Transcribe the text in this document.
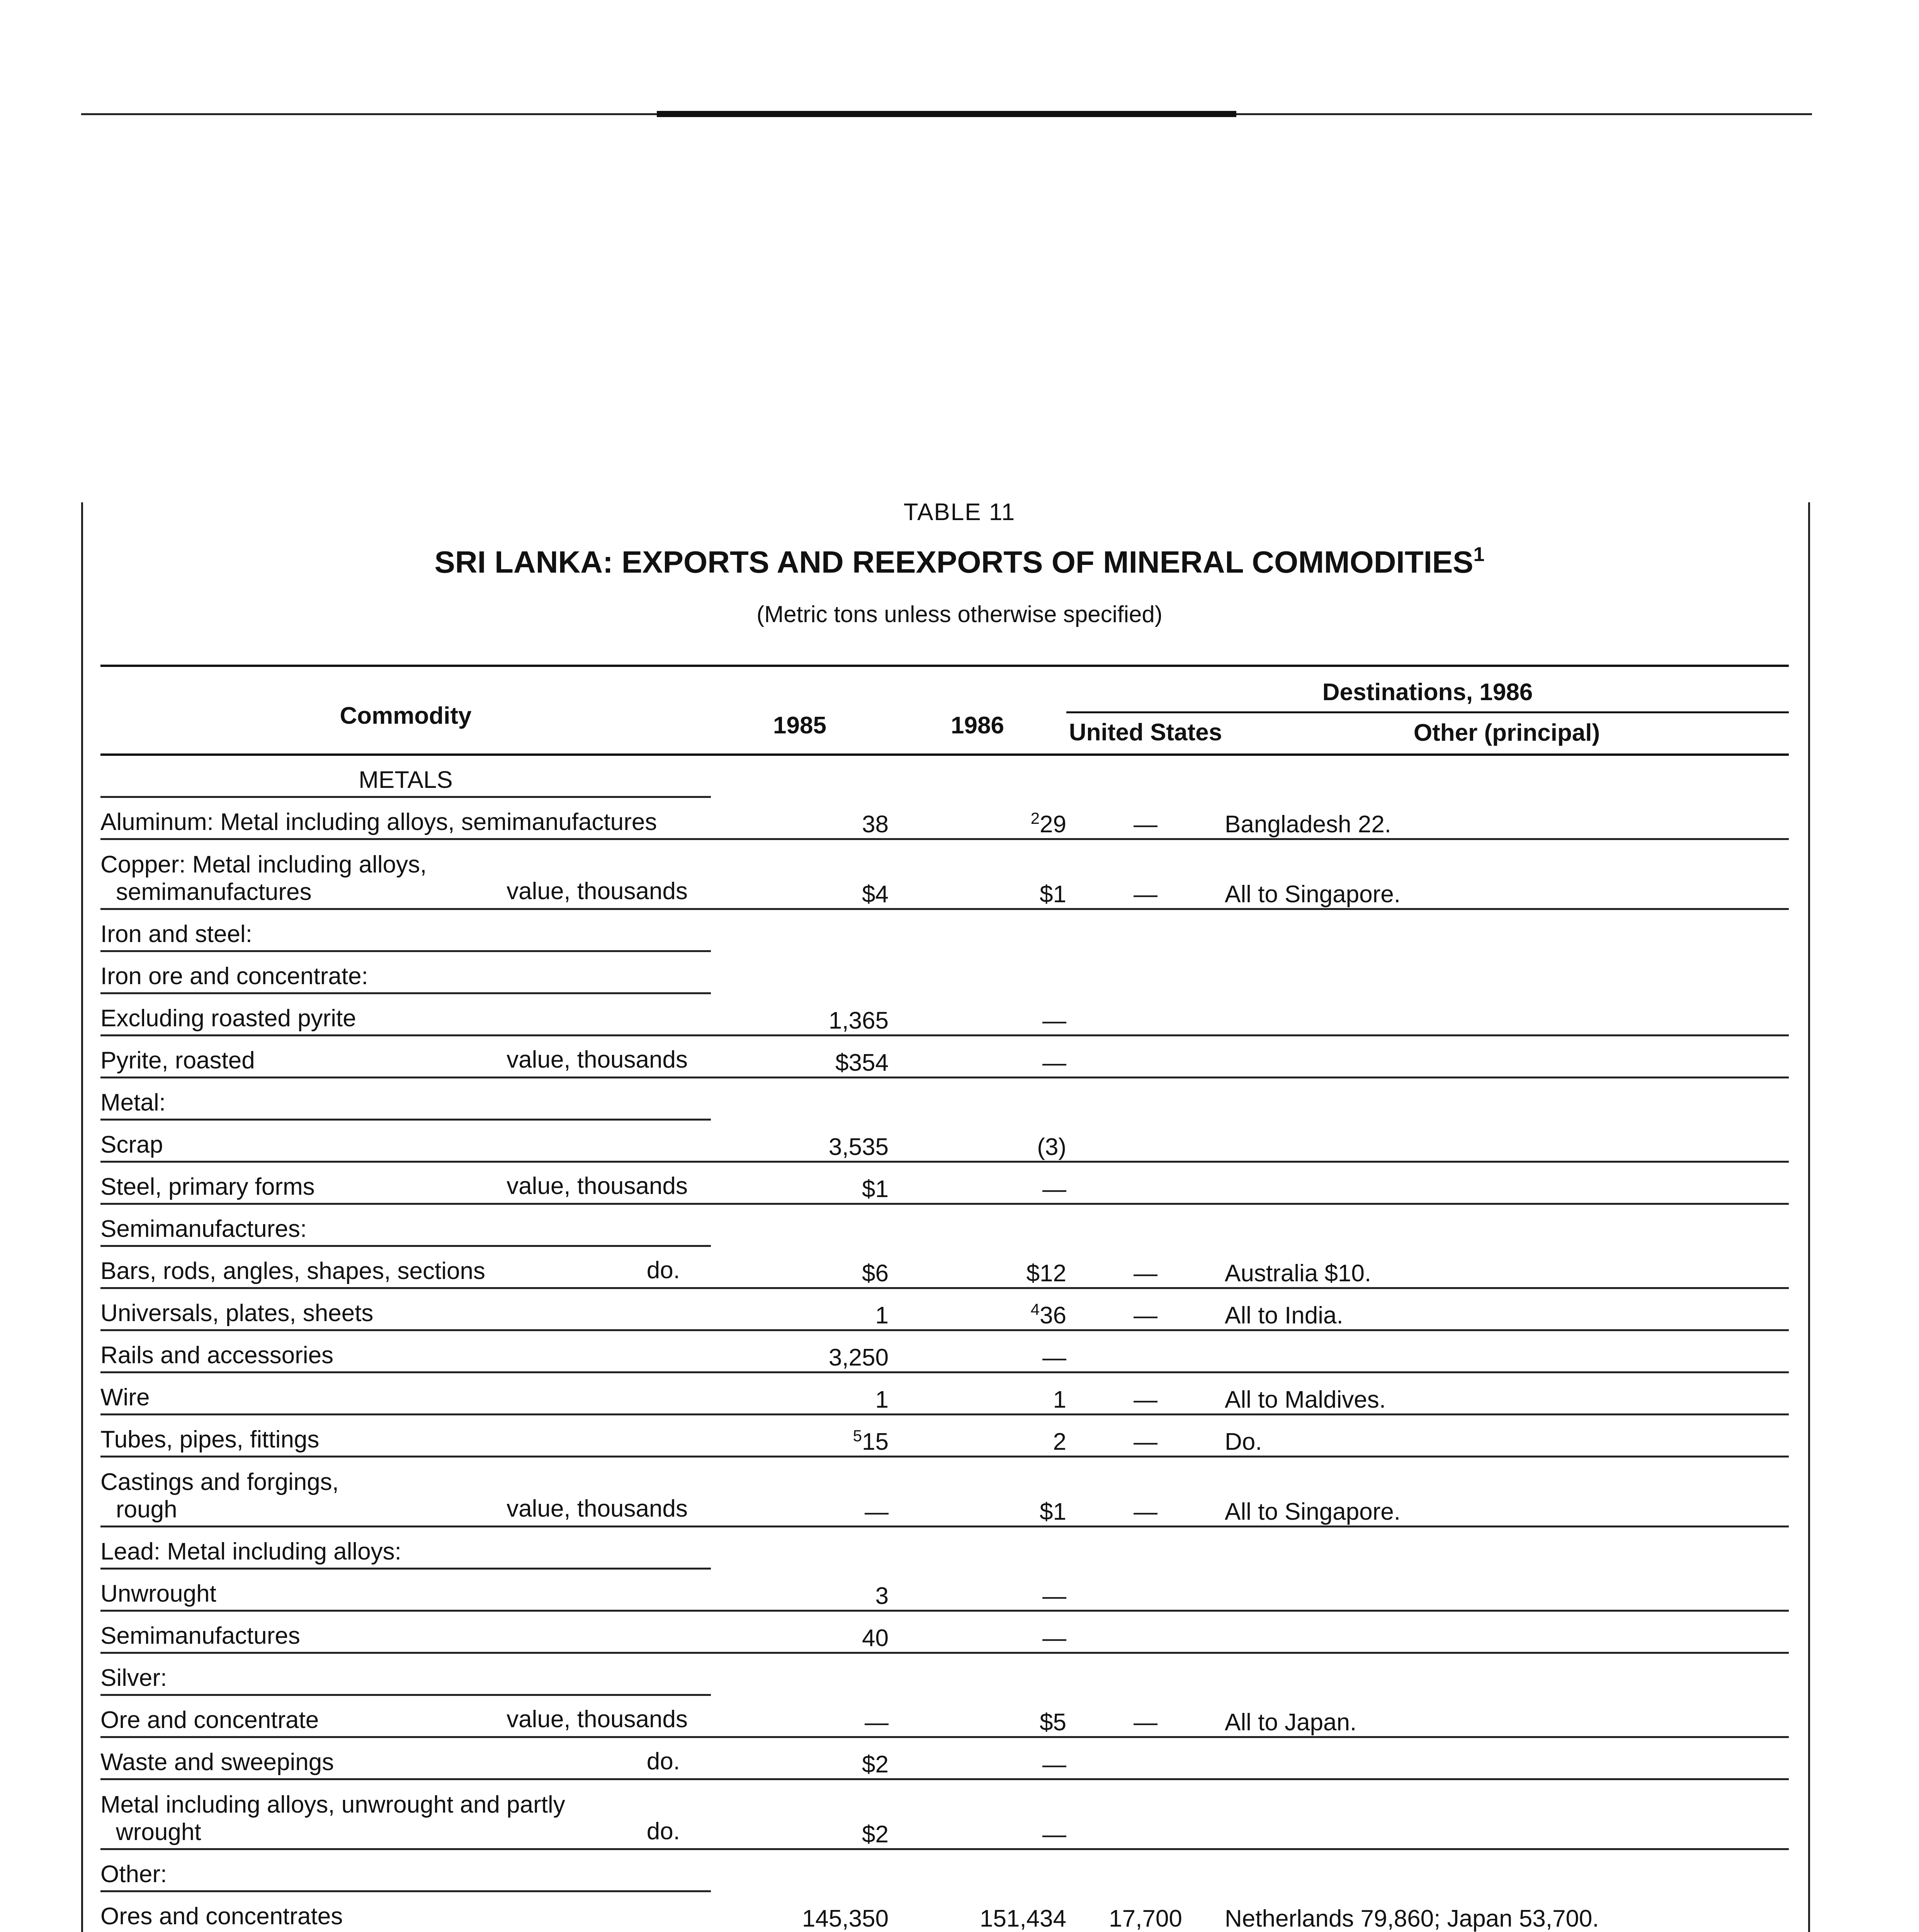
TABLE 11
SRI LANKA: EXPORTS AND REEXPORTS OF MINERAL COMMODITIES$^1$
(Metric tons unless otherwise specified)
Commodity	1985	1986	Destinations, 1986	
			United States	Other (principal)
METALS				
Aluminum: Metal including alloys, semimanufactures	38	$^2$29	—	Bangladesh 22.
Copper: Metal including alloys,
semimanufactures value, thousands	$4	$1	—	All to Singapore.
Iron and steel:				
Iron ore and concentrate:				
Excluding roasted pyrite	1,365	—		
Pyrite, roasted value, thousands	$354	—		
Metal:				
Scrap	3,535	(3)		
Steel, primary forms value, thousands	$1	—		
Semimanufactures:				
Bars, rods, angles, shapes, sections do.	$6	$12	—	Australia $10.
Universals, plates, sheets	1	$^4$36	—	All to India.
Rails and accessories	3,250	—		
Wire	1	1	—	All to Maldives.
Tubes, pipes, fittings	$^5$15	2	—	Do.
Castings and forgings,
rough value, thousands	—	$1	—	All to Singapore.
Lead: Metal including alloys:				
Unwrought	3	—		
Semimanufactures	40	—		
Silver:				
Ore and concentrate value, thousands	—	$5	—	All to Japan.
Waste and sweepings do.	$2	—		
Metal including alloys, unwrought and partly
wrought do.	$2	—		
Other:				
Ores and concentrates	145,350	151,434	17,700	Netherlands 79,860; Japan 53,700.
